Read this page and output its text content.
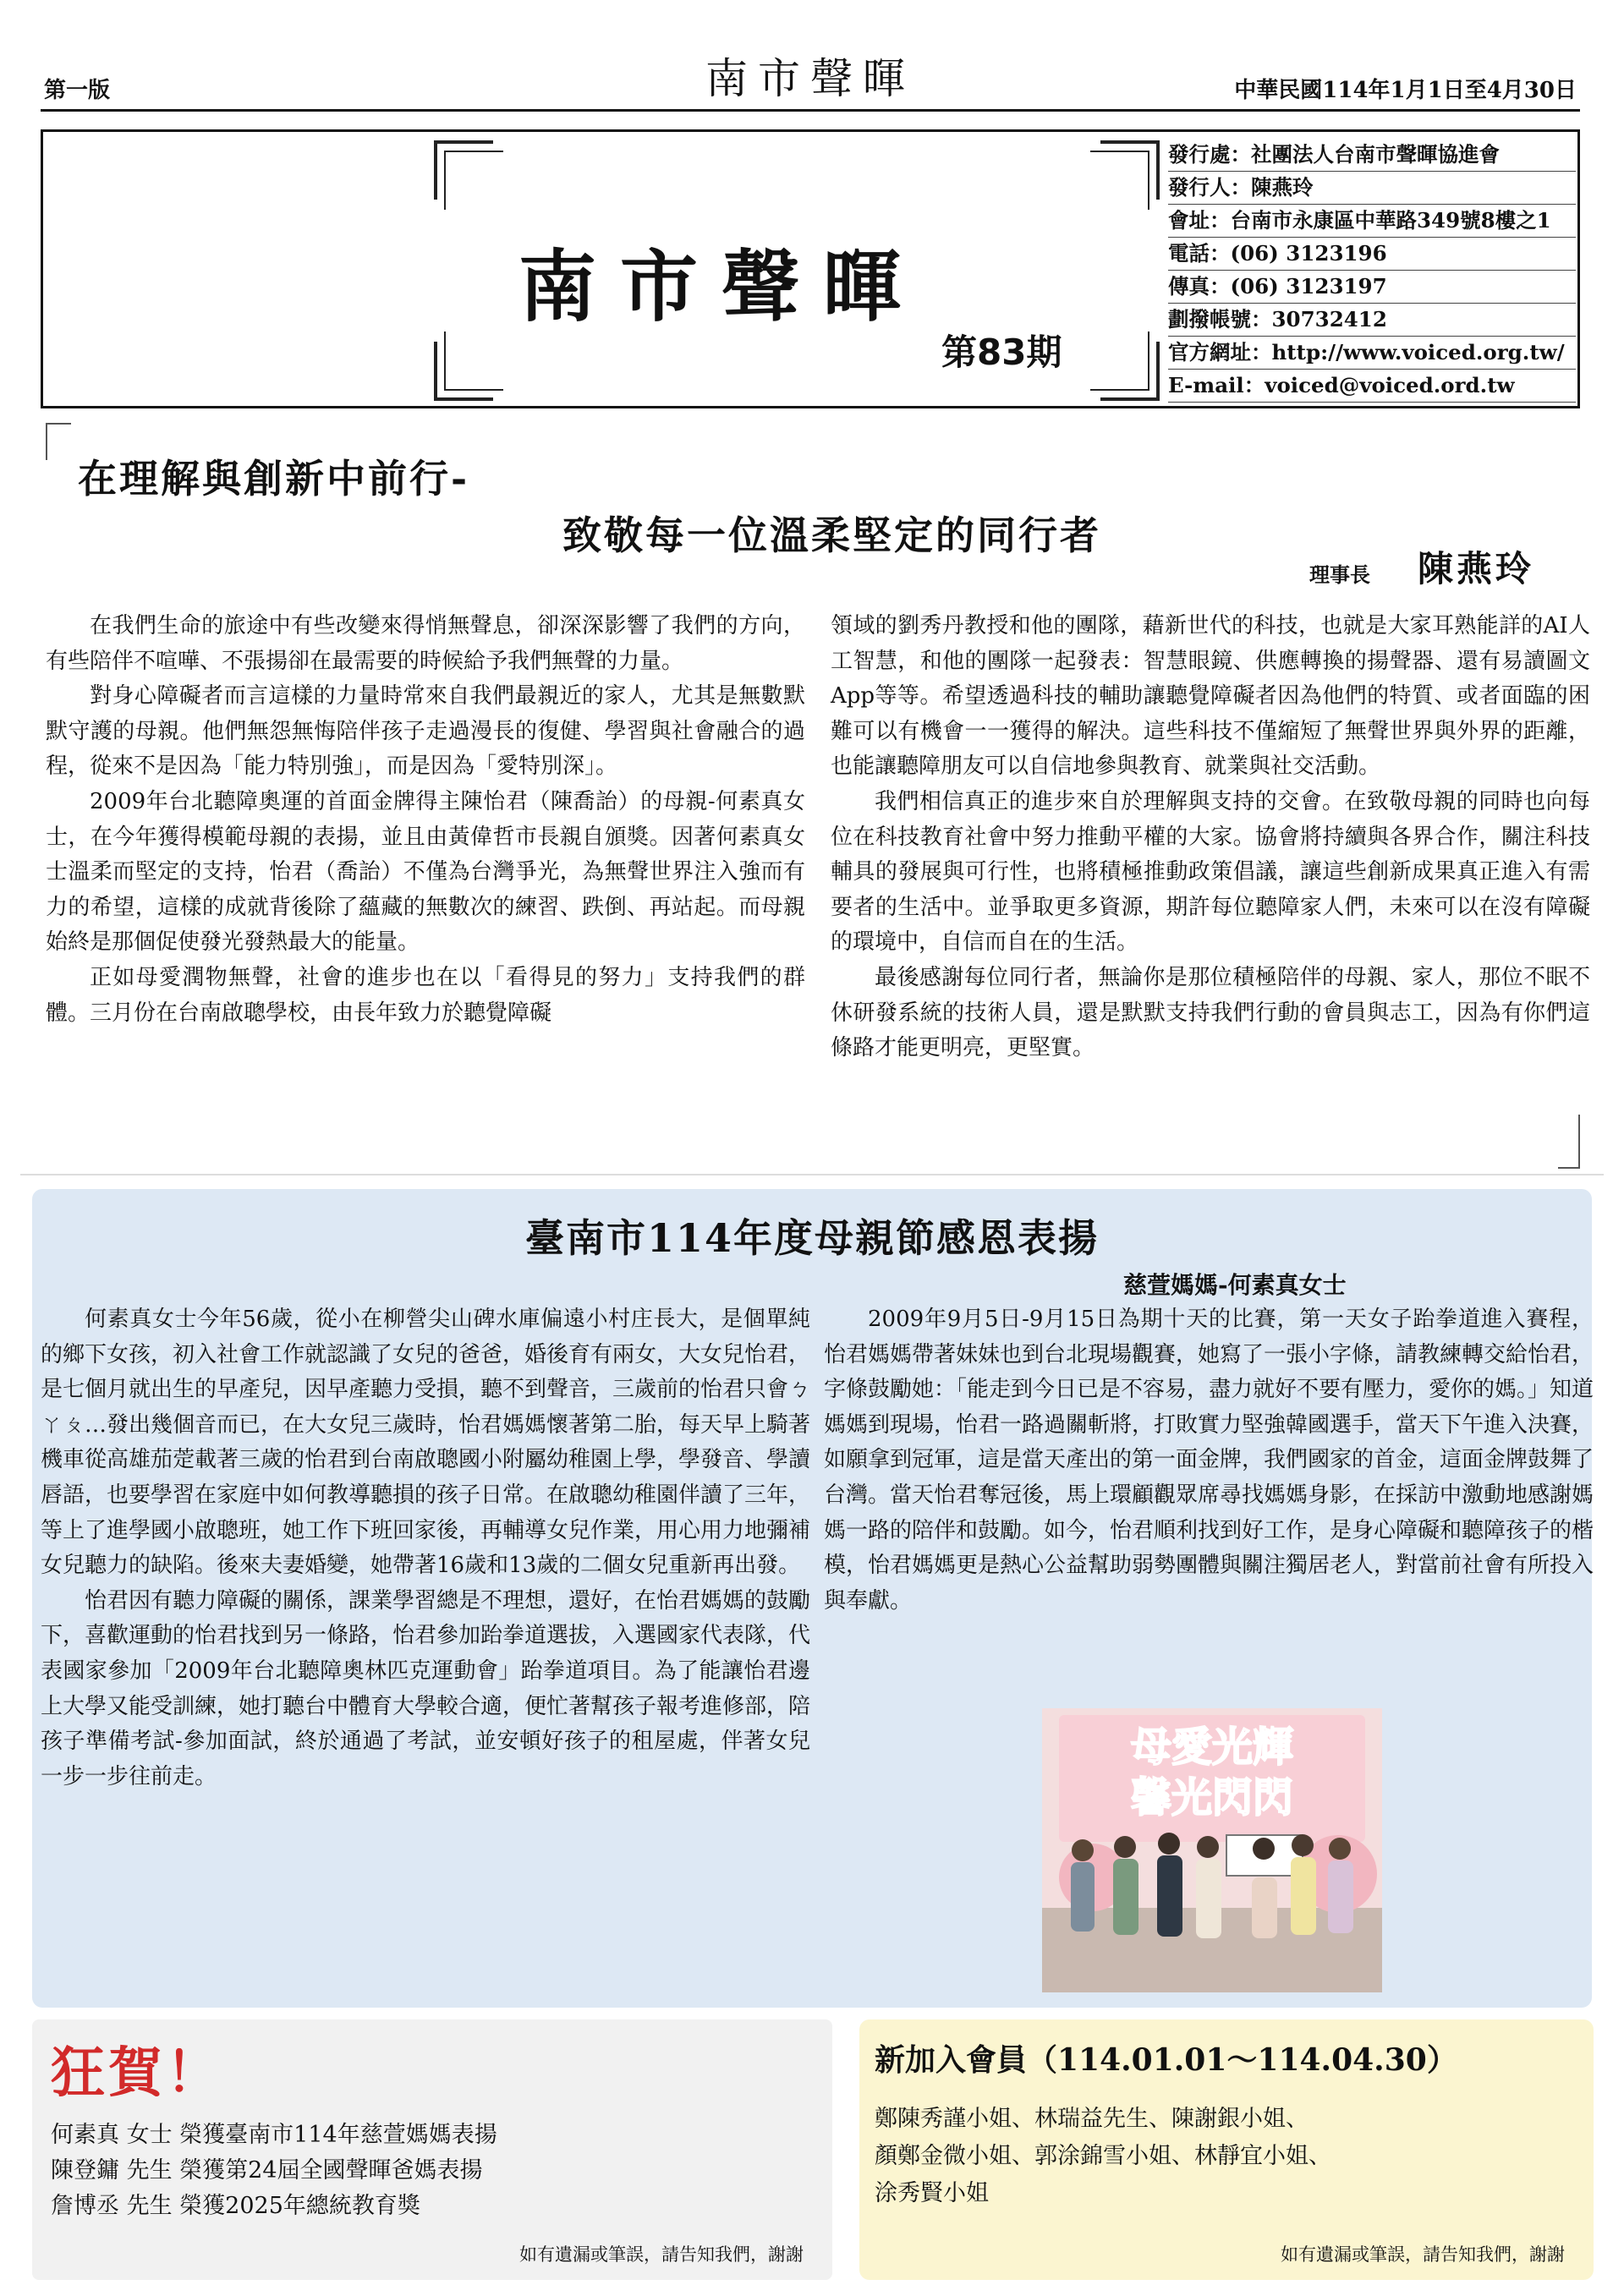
第一版	南市聲暉	中華民國114年1月1日至4月30日
南市聲暉
第83期
發行處：社團法人台南市聲暉協進會
發行人：陳燕玲
會址：台南市永康區中華路349號8樓之1
電話：(06) 3123196
傳真：(06) 3123197
劃撥帳號：30732412
官方網址：http://www.voiced.org.tw/
E-mail：voiced@voiced.ord.tw
在理解與創新中前行-
致敬每一位溫柔堅定的同行者
理事長 陳燕玲

在我們生命的旅途中有些改變來得悄無聲息，卻深深影響了我們的方向，有些陪伴不喧嘩、不張揚卻在最需要的時候給予我們無聲的力量。

對身心障礙者而言這樣的力量時常來自我們最親近的家人，尤其是無數默默守護的母親。他們無怨無悔陪伴孩子走過漫長的復健、學習與社會融合的過程，從來不是因為「能力特別強」，而是因為「愛特別深」。

2009年台北聽障奧運的首面金牌得主陳怡君（陳喬詒）的母親-何素真女士，在今年獲得模範母親的表揚，並且由黃偉哲市長親自頒獎。因著何素真女士溫柔而堅定的支持，怡君（喬詒）不僅為台灣爭光，為無聲世界注入強而有力的希望，這樣的成就背後除了蘊藏的無數次的練習、跌倒、再站起。而母親始終是那個促使發光發熱最大的能量。

正如母愛潤物無聲，社會的進步也在以「看得見的努力」支持我們的群體。三月份在台南啟聰學校，由長年致力於聽覺障礙

領域的劉秀丹教授和他的團隊，藉新世代的科技，也就是大家耳熟能詳的AI人工智慧，和他的團隊一起發表：智慧眼鏡、供應轉換的揚聲器、還有易讀圖文App等等。希望透過科技的輔助讓聽覺障礙者因為他們的特質、或者面臨的困難可以有機會一一獲得的解決。這些科技不僅縮短了無聲世界與外界的距離，也能讓聽障朋友可以自信地參與教育、就業與社交活動。

我們相信真正的進步來自於理解與支持的交會。在致敬母親的同時也向每位在科技教育社會中努力推動平權的大家。協會將持續與各界合作，關注科技輔具的發展與可行性，也將積極推動政策倡議，讓這些創新成果真正進入有需要者的生活中。並爭取更多資源，期許每位聽障家人們，未來可以在沒有障礙的環境中，自信而自在的生活。

最後感謝每位同行者，無論你是那位積極陪伴的母親、家人，那位不眠不休研發系統的技術人員，還是默默支持我們行動的會員與志工，因為有你們這條路才能更明亮，更堅實。

臺南市114年度母親節感恩表揚
慈萱媽媽-何素真女士

何素真女士今年56歲，從小在柳營尖山碑水庫偏遠小村庄長大，是個單純的鄉下女孩，初入社會工作就認識了女兒的爸爸，婚後育有兩女，大女兒怡君，是七個月就出生的早產兒，因早產聽力受損，聽不到聲音，三歲前的怡君只會ㄅㄚㄆ…發出幾個音而已，在大女兒三歲時，怡君媽媽懷著第二胎，每天早上騎著機車從高雄茄萣載著三歲的怡君到台南啟聰國小附屬幼稚園上學，學發音、學讀唇語，也要學習在家庭中如何教導聽損的孩子日常。在啟聰幼稚園伴讀了三年，等上了進學國小啟聰班，她工作下班回家後，再輔導女兒作業，用心用力地彌補女兒聽力的缺陷。後來夫妻婚變，她帶著16歲和13歲的二個女兒重新再出發。

怡君因有聽力障礙的關係，課業學習總是不理想，還好，在怡君媽媽的鼓勵下，喜歡運動的怡君找到另一條路，怡君參加跆拳道選拔，入選國家代表隊，代表國家參加「2009年台北聽障奧林匹克運動會」跆拳道項目。為了能讓怡君邊上大學又能受訓練，她打聽台中體育大學較合適，便忙著幫孩子報考進修部，陪孩子準備考試-參加面試，終於通過了考試，並安頓好孩子的租屋處，伴著女兒一步一步往前走。

2009年9月5日-9月15日為期十天的比賽，第一天女子跆拳道進入賽程，怡君媽媽帶著妹妹也到台北現場觀賽，她寫了一張小字條，請教練轉交給怡君，字條鼓勵她：「能走到今日已是不容易，盡力就好不要有壓力，愛你的媽。」知道媽媽到現場，怡君一路過關斬將，打敗實力堅強韓國選手，當天下午進入決賽，如願拿到冠軍，這是當天產出的第一面金牌，我們國家的首金，這面金牌鼓舞了台灣。當天怡君奪冠後，馬上環顧觀眾席尋找媽媽身影，在採訪中激動地感謝媽媽一路的陪伴和鼓勵。如今，怡君順利找到好工作，是身心障礙和聽障孩子的楷模，怡君媽媽更是熱心公益幫助弱勢團體與關注獨居老人，對當前社會有所投入與奉獻。

母愛光輝
馨光閃閃
狂賀！
何素真 女士 榮獲臺南市114年慈萱媽媽表揚
陳登鏞 先生 榮獲第24屆全國聲暉爸媽表揚
詹博丞 先生 榮獲2025年總統教育獎
如有遺漏或筆誤，請告知我們，謝謝
新加入會員（114.01.01～114.04.30）
鄭陳秀謹小姐、林瑞益先生、陳謝銀小姐、
顏鄭金微小姐、郭涂錦雪小姐、林靜宜小姐、
涂秀賢小姐
如有遺漏或筆誤，請告知我們，謝謝
